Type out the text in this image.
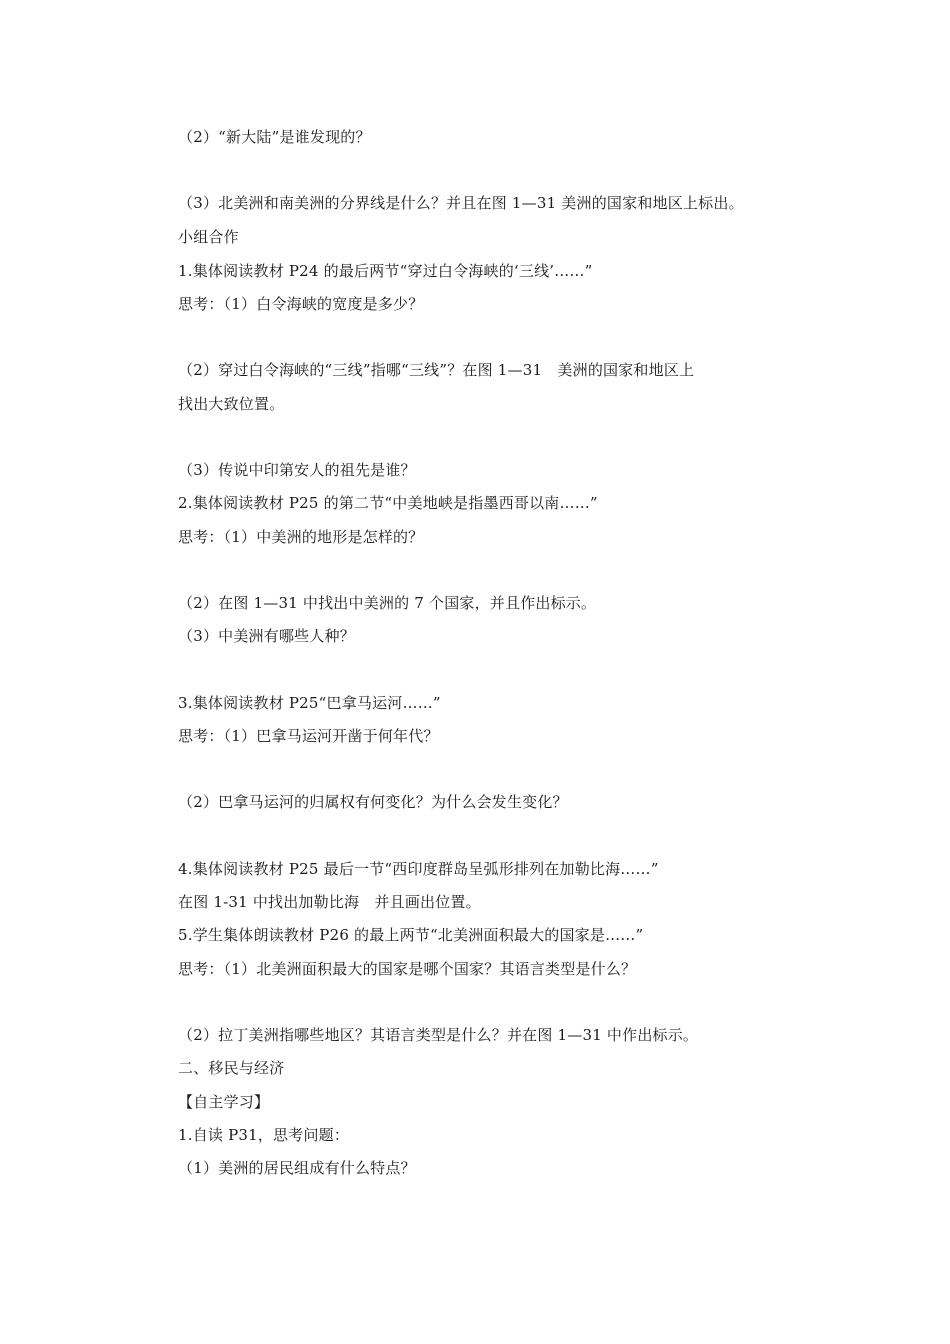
（2）“新大陆”是谁发现的？
（3）北美洲和南美洲的分界线是什么？并且在图 1—31 美洲的国家和地区上标出。
小组合作
1.集体阅读教材 P24 的最后两节“穿过白令海峡的‘三线’……”
思考：（1）白令海峡的宽度是多少？
（2）穿过白令海峡的“三线”指哪“三线”？在图 1—31　美洲的国家和地区上
找出大致位置。
（3）传说中印第安人的祖先是谁？
2.集体阅读教材 P25 的第二节“中美地峡是指墨西哥以南……”
思考：（1）中美洲的地形是怎样的？
（2）在图 1—31 中找出中美洲的 7 个国家，并且作出标示。
（3）中美洲有哪些人种？
3.集体阅读教材 P25“巴拿马运河……”
思考：（1）巴拿马运河开凿于何年代？
（2）巴拿马运河的归属权有何变化？为什么会发生变化？
4.集体阅读教材 P25 最后一节“西印度群岛呈弧形排列在加勒比海……”
在图 1-31 中找出加勒比海　并且画出位置。
5.学生集体朗读教材 P26 的最上两节“北美洲面积最大的国家是……”
思考：（1）北美洲面积最大的国家是哪个国家？其语言类型是什么？
（2）拉丁美洲指哪些地区？其语言类型是什么？并在图 1—31 中作出标示。
二、移民与经济
【自主学习】
1.自读 P31，思考问题：
（1）美洲的居民组成有什么特点？
